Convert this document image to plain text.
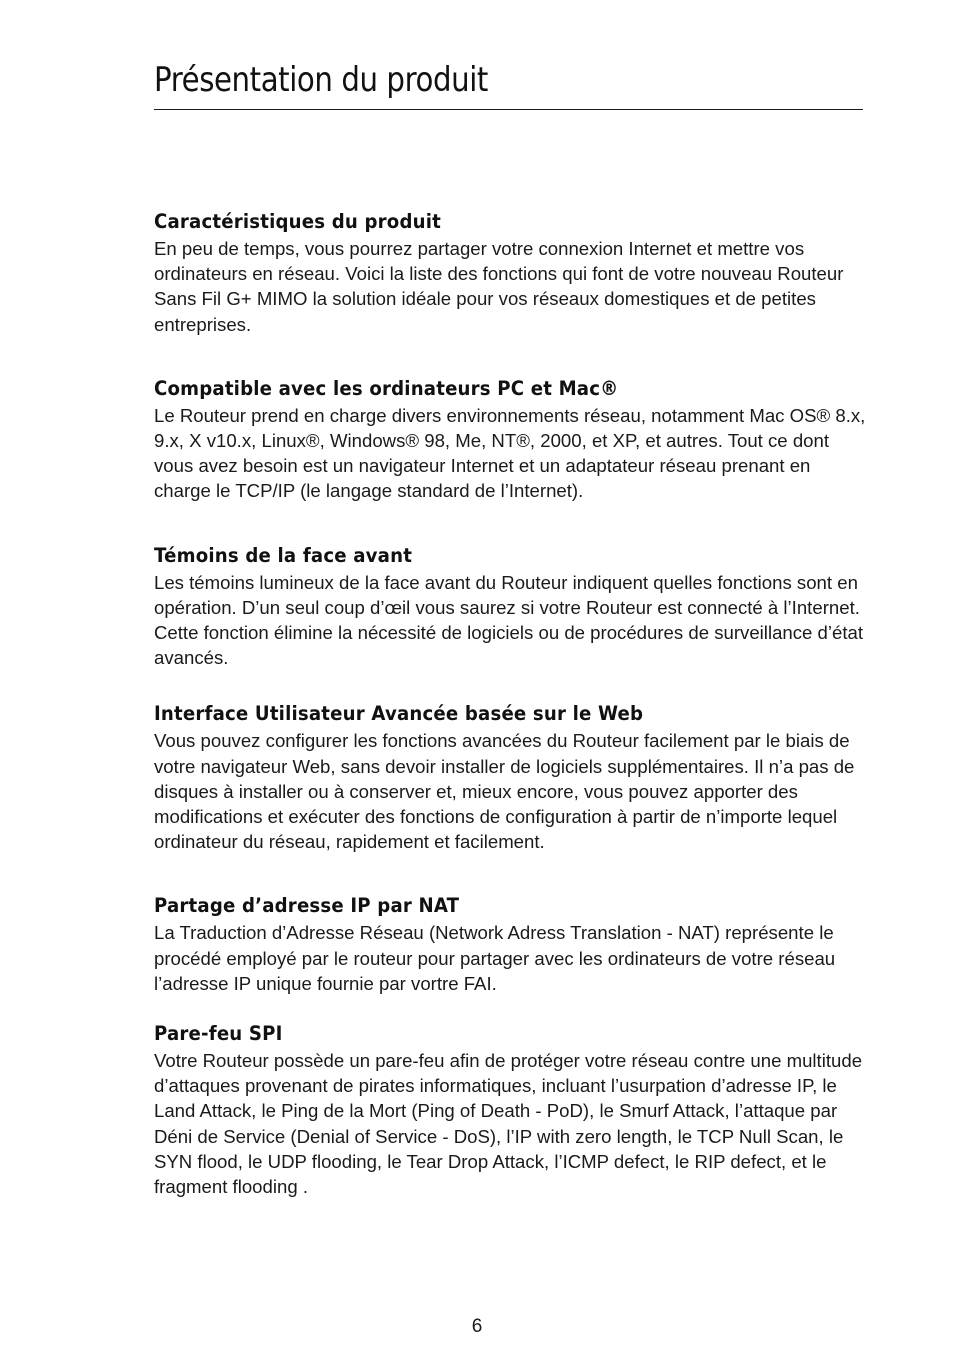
Présentation du produit
Caractéristiques du produit

En peu de temps, vous pourrez partager votre connexion Internet et mettre vos ordinateurs en réseau. Voici la liste des fonctions qui font de votre nouveau Routeur Sans Fil G+ MIMO la solution idéale pour vos réseaux domestiques et de petites entreprises.

Compatible avec les ordinateurs PC et Mac®

Le Routeur prend en charge divers environnements réseau, notamment Mac OS® 8.x, 9.x, X v10.x, Linux®, Windows® 98, Me, NT®, 2000, et XP, et autres. Tout ce dont vous avez besoin est un navigateur Internet et un adaptateur réseau prenant en charge le TCP/IP (le langage standard de l’Internet).

Témoins de la face avant

Les témoins lumineux de la face avant du Routeur indiquent quelles fonctions sont en opération. D’un seul coup d’œil vous saurez si votre Routeur est connecté à l’Internet. Cette fonction élimine la nécessité de logiciels ou de procédures de surveillance d’état avancés.

Interface Utilisateur Avancée basée sur le Web

Vous pouvez configurer les fonctions avancées du Routeur facilement par le biais de votre navigateur Web, sans devoir installer de logiciels supplémentaires. Il n’a pas de disques à installer ou à conserver et, mieux encore, vous pouvez apporter des modifications et exécuter des fonctions de configuration à partir de n’importe lequel ordinateur du réseau, rapidement et facilement.

Partage d’adresse IP par NAT

La Traduction d’Adresse Réseau (Network Adress Translation - NAT) représente le procédé employé par le routeur pour partager avec les ordinateurs de votre réseau l’adresse IP unique fournie par vortre FAI.

Pare-feu SPI

Votre Routeur possède un pare-feu afin de protéger votre réseau contre une multitude d’attaques provenant de pirates informatiques, incluant l’usurpation d’adresse IP, le Land Attack, le Ping de la Mort (Ping of Death - PoD), le Smurf Attack, l’attaque par Déni de Service (Denial of Service - DoS), l’IP with zero length, le TCP Null Scan, le SYN flood, le UDP flooding, le Tear Drop Attack, l’ICMP defect, le RIP defect, et le fragment flooding .

6
